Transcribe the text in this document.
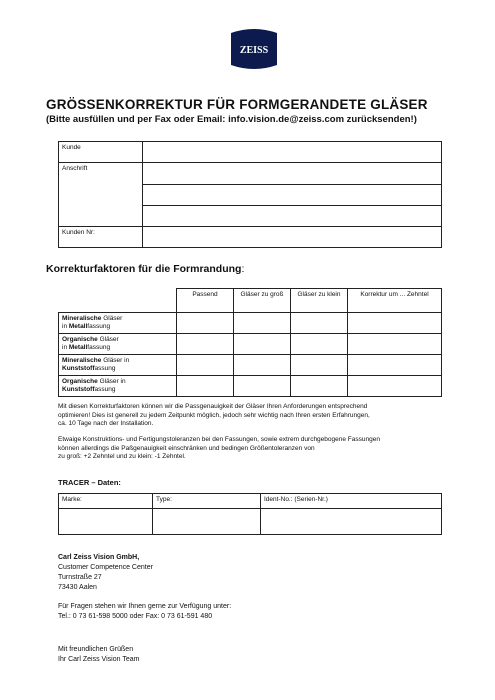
ZEISS
GRÖSSENKORREKTUR FÜR FORMGERANDETE GLÄSER
(Bitte ausfüllen und per Fax oder Email: info.vision.de@zeiss.com zurücksenden!)
Kunde	
Anschrift	

Kunden Nr:	
Korrekturfaktoren für die Formrandung:
	Passend	Gläser zu groß	Gläser zu klein	Korrektur um ... Zehntel
Mineralische Gläser
in Metallfassung				
Organische Gläser
in Metallfassung				
Mineralische Gläser in
Kunststoffassung				
Organische Gläser in
Kunststoffassung				
Mit diesen Korrekturfaktoren können wir die Passgenauigkeit der Gläser Ihren Anforderungen entsprechend
optimieren! Dies ist generell zu jedem Zeitpunkt möglich, jedoch sehr wichtig nach Ihren ersten Erfahrungen,
ca. 10 Tage nach der Installation.
Etwaige Konstruktions- und Fertigungstoleranzen bei den Fassungen, sowie extrem durchgebogene Fassungen
können allerdings die Paßgenauigkeit einschränken und bedingen Größentoleranzen von
zu groß: +2 Zehntel und zu klein: -1 Zehntel.
TRACER – Daten:
Marke:	Type:	Ident-No.: (Serien-Nr.)

Carl Zeiss Vision GmbH,
Customer Competence Center
Turnstraße 27
73430 Aalen
Für Fragen stehen wir Ihnen gerne zur Verfügung unter:
Tel.: 0 73 61-598 5000 oder Fax: 0 73 61-591 480
Mit freundlichen Grüßen
Ihr Carl Zeiss Vision Team
